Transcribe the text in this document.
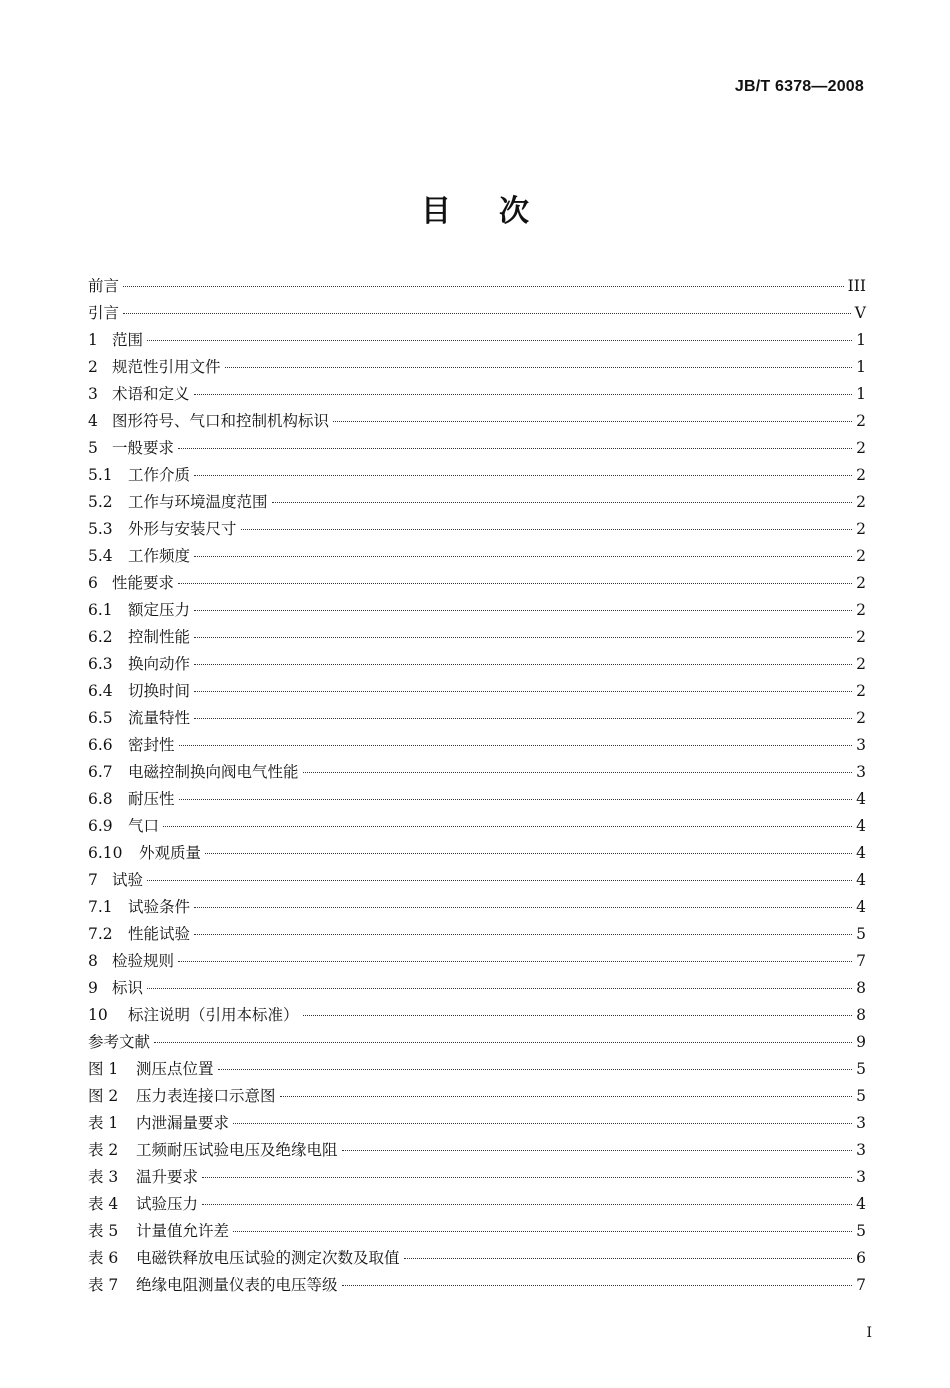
JB/T 6378—2008
目次
前言	III
引言	V
1 范围	1
2 规范性引用文件	1
3 术语和定义	1
4 图形符号、气口和控制机构标识	2
5 一般要求	2
5.1 工作介质	2
5.2 工作与环境温度范围	2
5.3 外形与安装尺寸	2
5.4 工作频度	2
6 性能要求	2
6.1 额定压力	2
6.2 控制性能	2
6.3 换向动作	2
6.4 切换时间	2
6.5 流量特性	2
6.6 密封性	3
6.7 电磁控制换向阀电气性能	3
6.8 耐压性	4
6.9 气口	4
6.10	外观质量	4
7 试验	4
7.1 试验条件	4
7.2 性能试验	5
8 检验规则	7
9 标识	8
10	标注说明（引用本标准）	8
参考文献	9
图 1	测压点位置	5
图 2	压力表连接口示意图	5
表 1	内泄漏量要求	3
表 2	工频耐压试验电压及绝缘电阻	3
表 3	温升要求	3
表 4	试验压力	4
表 5	计量值允许差	5
表 6	电磁铁释放电压试验的测定次数及取值	6
表 7	绝缘电阻测量仪表的电压等级	7
I
